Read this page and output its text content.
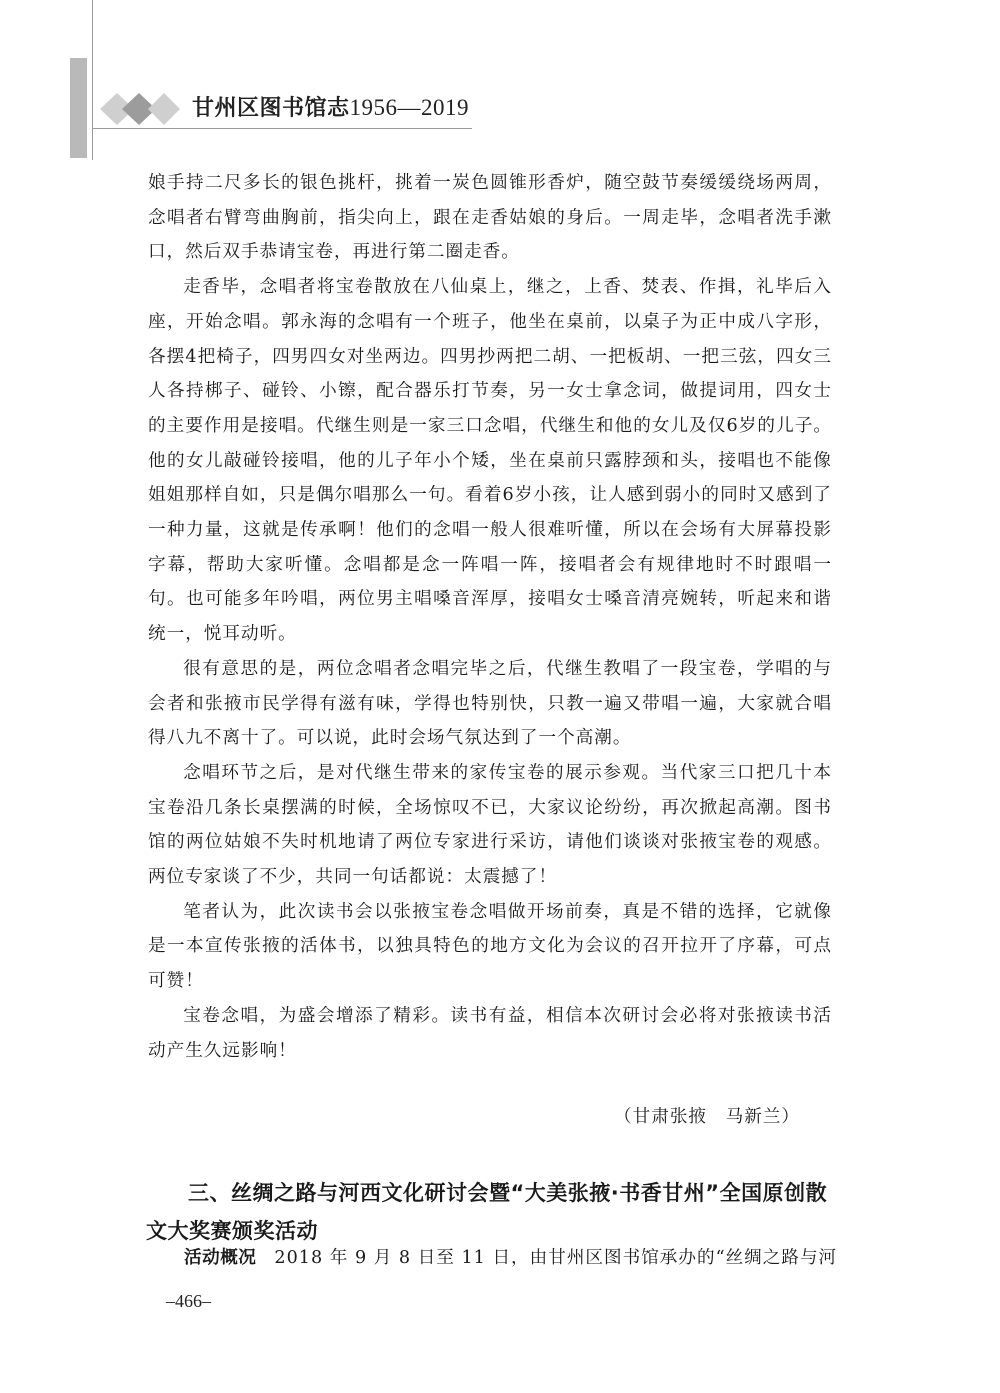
甘州区图书馆志1956—2019

娘手持二尺多长的银色挑杆，挑着一炭色圆锥形香炉，随空鼓节奏缓缓绕场两周，念唱者右臂弯曲胸前，指尖向上，跟在走香姑娘的身后。一周走毕，念唱者洗手漱口，然后双手恭请宝卷，再进行第二圈走香。

走香毕，念唱者将宝卷散放在八仙桌上，继之，上香、焚表、作揖，礼毕后入座，开始念唱。郭永海的念唱有一个班子，他坐在桌前，以桌子为正中成八字形，各摆4把椅子，四男四女对坐两边。四男抄两把二胡、一把板胡、一把三弦，四女三人各持梆子、碰铃、小镲，配合器乐打节奏，另一女士拿念词，做提词用，四女士的主要作用是接唱。代继生则是一家三口念唱，代继生和他的女儿及仅6岁的儿子。他的女儿敲碰铃接唱，他的儿子年小个矮，坐在桌前只露脖颈和头，接唱也不能像姐姐那样自如，只是偶尔唱那么一句。看着6岁小孩，让人感到弱小的同时又感到了一种力量，这就是传承啊！他们的念唱一般人很难听懂，所以在会场有大屏幕投影字幕，帮助大家听懂。念唱都是念一阵唱一阵，接唱者会有规律地时不时跟唱一句。也可能多年吟唱，两位男主唱嗓音浑厚，接唱女士嗓音清亮婉转，听起来和谐统一，悦耳动听。

很有意思的是，两位念唱者念唱完毕之后，代继生教唱了一段宝卷，学唱的与会者和张掖市民学得有滋有味，学得也特别快，只教一遍又带唱一遍，大家就合唱得八九不离十了。可以说，此时会场气氛达到了一个高潮。

念唱环节之后，是对代继生带来的家传宝卷的展示参观。当代家三口把几十本宝卷沿几条长桌摆满的时候，全场惊叹不已，大家议论纷纷，再次掀起高潮。图书馆的两位姑娘不失时机地请了两位专家进行采访，请他们谈谈对张掖宝卷的观感。两位专家谈了不少，共同一句话都说：太震撼了！

笔者认为，此次读书会以张掖宝卷念唱做开场前奏，真是不错的选择，它就像是一本宣传张掖的活体书，以独具特色的地方文化为会议的召开拉开了序幕，可点可赞！

宝卷念唱，为盛会增添了精彩。读书有益，相信本次研讨会必将对张掖读书活动产生久远影响！

（甘肃张掖　马新兰）
三、丝绸之路与河西文化研讨会暨“大美张掖·书香甘州”全国原创散文大奖赛颁奖活动
活动概况 2018 年 9 月 8 日至 11 日，由甘州区图书馆承办的“丝绸之路与河
–466–
